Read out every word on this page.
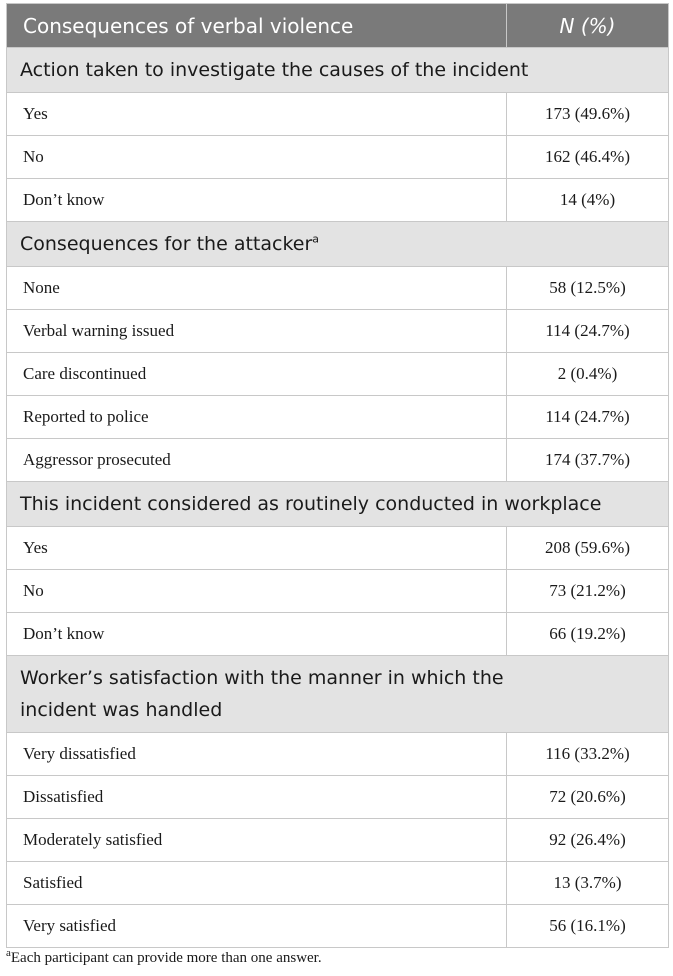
Consequences of verbal violence	N (%)
Action taken to investigate the causes of the incident	
Yes	173 (49.6%)
No	162 (46.4%)
Don’t know	14 (4%)
Consequences for the attacker$^a$
None	58 (12.5%)
Verbal warning issued	114 (24.7%)
Care discontinued	2 (0.4%)
Reported to police	114 (24.7%)
Aggressor prosecuted	174 (37.7%)
This incident considered as routinely conducted in workplace	
Yes	208 (59.6%)
No	73 (21.2%)
Don’t know	66 (19.2%)
Worker’s satisfaction with the manner in which the incident was handled	
Very dissatisfied	116 (33.2%)
Dissatisfied	72 (20.6%)
Moderately satisfied	92 (26.4%)
Satisfied	13 (3.7%)
Very satisfied	56 (16.1%)
$^a$Each participant can provide more than one answer.
